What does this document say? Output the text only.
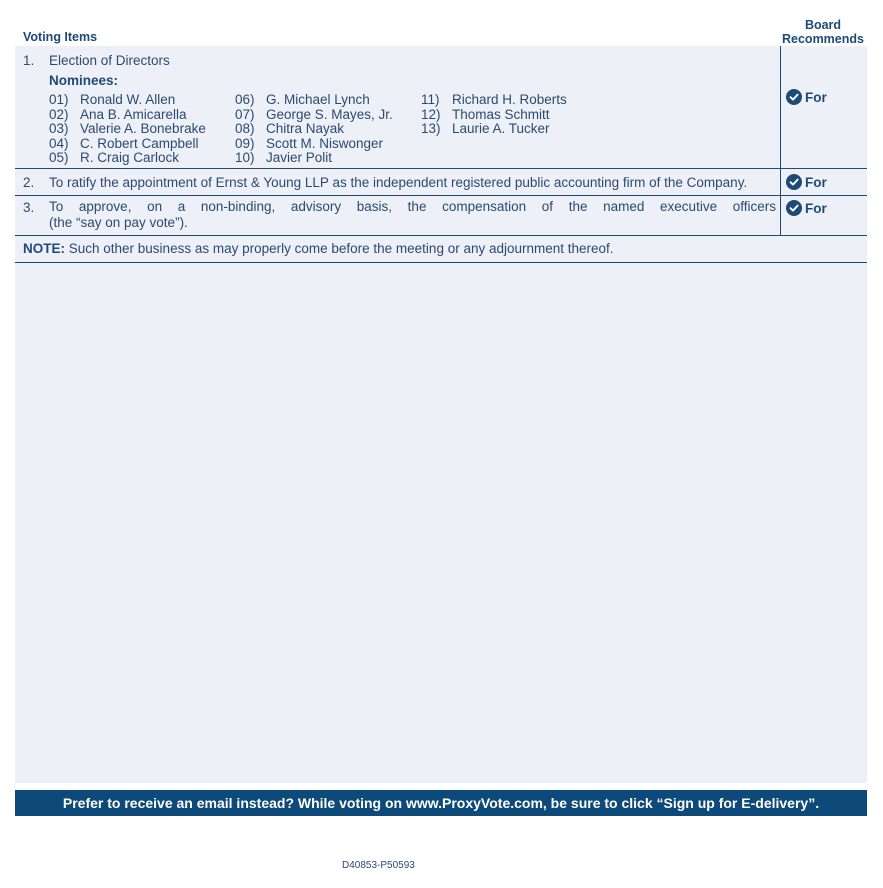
Voting Items
Board
Recommends
1. Election of Directors
Nominees:
01) Ronald W. Allen
02) Ana B. Amicarella
03) Valerie A. Bonebrake
04) C. Robert Campbell
05) R. Craig Carlock
06) G. Michael Lynch
07) George S. Mayes, Jr.
08) Chitra Nayak
09) Scott M. Niswonger
10) Javier Polit
11) Richard H. Roberts
12) Thomas Schmitt
13) Laurie A. Tucker
For
2. To ratify the appointment of Ernst & Young LLP as the independent registered public accounting firm of the Company.	For
3. To approve, on a non-binding, advisory basis, the compensation of the named executive officers
(the “say on pay vote”).
For
NOTE: Such other business as may properly come before the meeting or any adjournment thereof.
Prefer to receive an email instead? While voting on www.ProxyVote.com, be sure to click “Sign up for E-delivery”.
D40853-P50593
